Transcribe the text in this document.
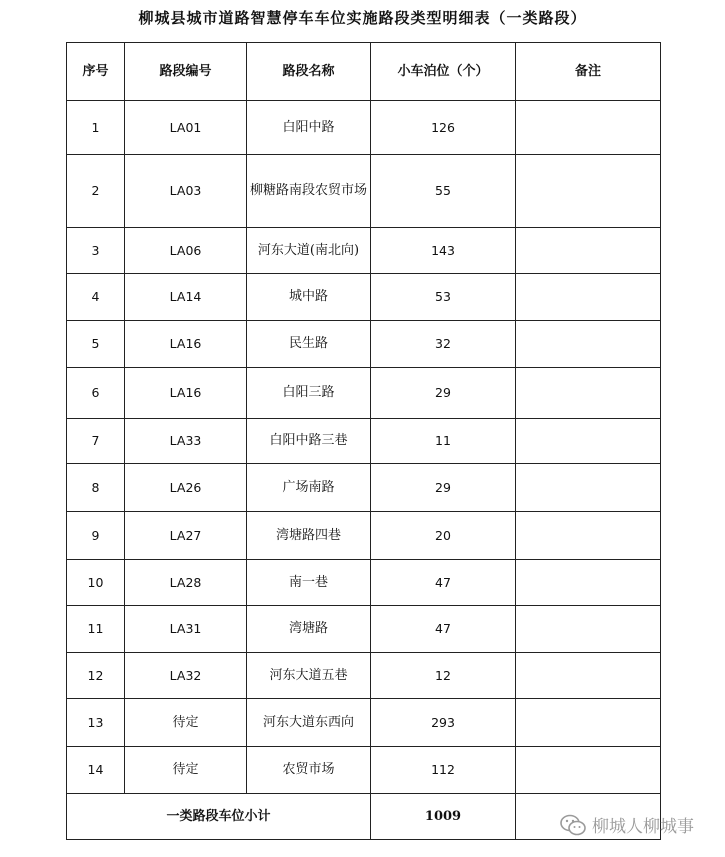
柳城县城市道路智慧停车车位实施路段类型明细表（一类路段）
序号	路段编号	路段名称	小车泊位（个）	备注
1	LA01	白阳中路	126	
2	LA03	柳糖路南段农贸市场	55	
3	LA06	河东大道(南北向)	143	
4	LA14	城中路	53	
5	LA16	民生路	32	
6	LA16	白阳三路	29	
7	LA33	白阳中路三巷	11	
8	LA26	广场南路	29	
9	LA27	湾塘路四巷	20	
10	LA28	南一巷	47	
11	LA31	湾塘路	47	
12	LA32	河东大道五巷	12	
13	待定	河东大道东西向	293	
14	待定	农贸市场	112	
一类路段车位小计			1009	
柳城人柳城事
